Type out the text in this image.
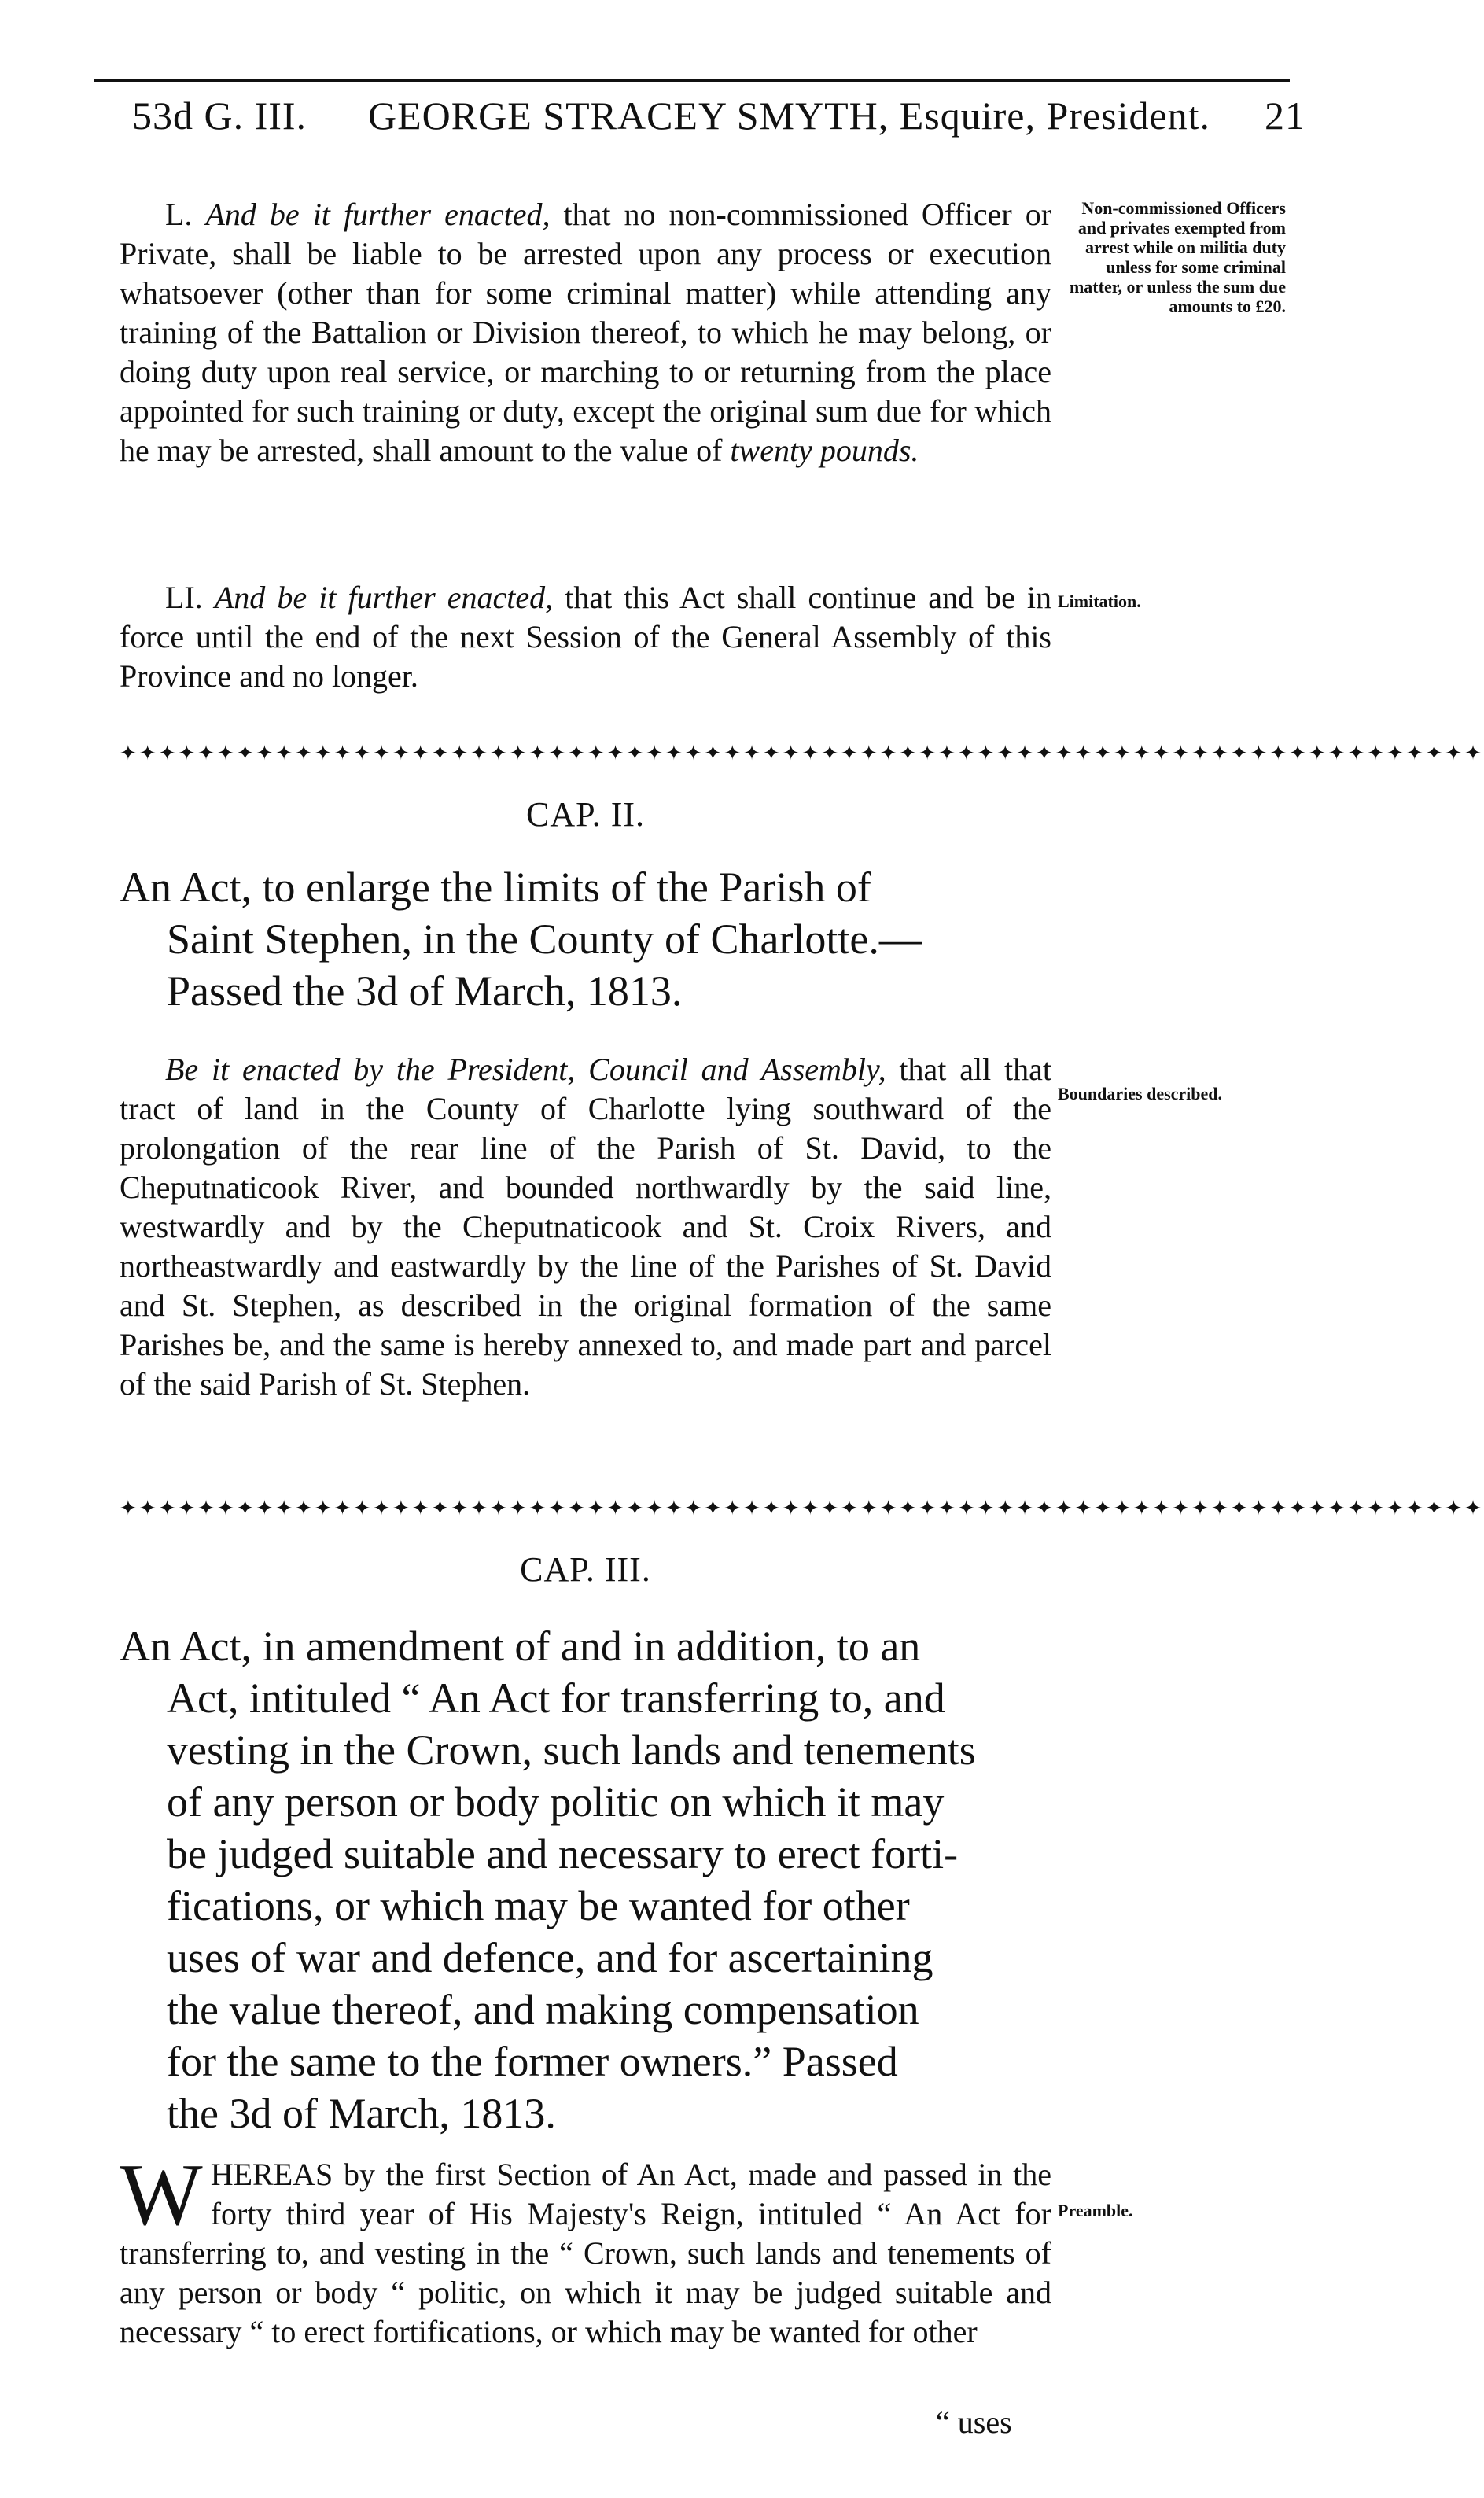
53d G. III. GEORGE STRACEY SMYTH, Esquire, President. 21

L. And be it further enacted, that no non-commissioned Officer or Private, shall be liable to be arrested upon any process or execution whatsoever (other than for some criminal matter) while attending any training of the Battalion or Division thereof, to which he may belong, or doing duty upon real service, or marching to or returning from the place appointed for such training or duty, except the original sum due for which he may be arrested, shall amount to the value of twenty pounds.

Non-commissioned Officers and privates exempted from arrest while on militia duty unless for some criminal matter, or unless the sum due amounts to £20.

LI. And be it further enacted, that this Act shall continue and be in force until the end of the next Session of the General Assembly of this Province and no longer.

Limitation.
✦✦✦✦✦✦✦✦✦✦✦✦✦✦✦✦✦✦✦✦✦✦✦✦✦✦✦✦✦✦✦✦✦✦✦✦✦✦✦✦✦✦✦✦✦✦✦✦✦✦✦✦✦✦✦✦✦✦✦✦✦✦✦✦✦✦✦✦✦✦
CAP. II.
An Act, to enlarge the limits of the Parish of
Saint Stephen, in the County of Charlotte.—
Passed the 3d of March, 1813.

Be it enacted by the President, Council and Assembly, that all that tract of land in the County of Charlotte lying southward of the prolongation of the rear line of the Parish of St. David, to the Cheputnaticook River, and bounded northwardly by the said line, westwardly and by the Cheputnaticook and St. Croix Rivers, and northeastwardly and eastwardly by the line of the Parishes of St. David and St. Stephen, as described in the original formation of the same Parishes be, and the same is hereby annexed to, and made part and parcel of the said Parish of St. Stephen.

Boundaries described.
✦✦✦✦✦✦✦✦✦✦✦✦✦✦✦✦✦✦✦✦✦✦✦✦✦✦✦✦✦✦✦✦✦✦✦✦✦✦✦✦✦✦✦✦✦✦✦✦✦✦✦✦✦✦✦✦✦✦✦✦✦✦✦✦✦✦✦✦✦✦
CAP. III.
An Act, in amendment of and in addition, to an
Act, intituled “ An Act for transferring to, and
vesting in the Crown, such lands and tenements
of any person or body politic on which it may
be judged suitable and necessary to erect forti-
fications, or which may be wanted for other
uses of war and defence, and for ascertaining
the value thereof, and making compensation
for the same to the former owners.” Passed
the 3d of March, 1813.
W HEREAS by the first Section of An Act, made and passed in the forty third year of His Majesty's Reign, intituled “ An Act for transferring to, and vesting in the “ Crown, such lands and tenements of any person or body “ politic, on which it may be judged suitable and necessary “ to erect fortifications, or which may be wanted for other

Preamble.
“ uses
